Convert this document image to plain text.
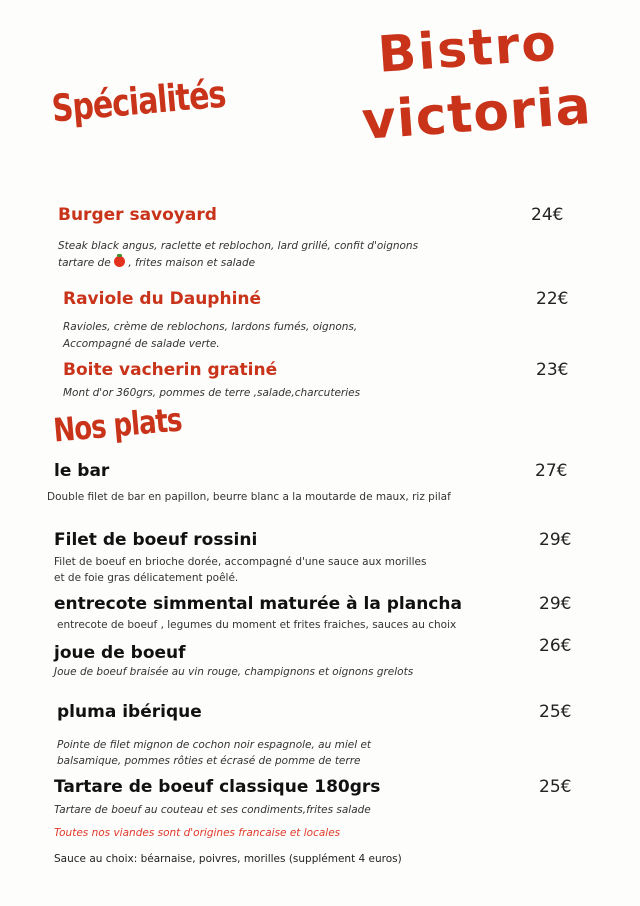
Bistro
victoria
Spécialités
Burger savoyard	24€
Steak black angus, raclette et reblochon, lard grillé, confit d'oignons
tartare de  , frites maison et salade
Raviole du Dauphiné	22€
Ravioles, crème de reblochons, lardons fumés, oignons,
Accompagné de salade verte.
Boite vacherin gratiné	23€
Mont d'or 360grs, pommes de terre ,salade,charcuteries
Nos plats
le bar	27€
Double filet de bar en papillon, beurre blanc a la moutarde de maux, riz pilaf
Filet de boeuf rossini	29€
Filet de boeuf en brioche dorée, accompagné d'une sauce aux morilles
et de foie gras délicatement poêlé.
entrecote simmental maturée à la plancha	29€
entrecote de boeuf , legumes du moment et frites fraiches, sauces au choix
joue de boeuf	26€
Joue de boeuf braisée au vin rouge, champignons et oignons grelots
pluma ibérique	25€
Pointe de filet mignon de cochon noir espagnole, au miel et
balsamique, pommes rôties et écrasé de pomme de terre
Tartare de boeuf classique 180grs	25€
Tartare de boeuf au couteau et ses condiments,frites salade
Toutes nos viandes sont d'origines francaise et locales
Sauce au choix: béarnaise, poivres, morilles (supplément 4 euros)
